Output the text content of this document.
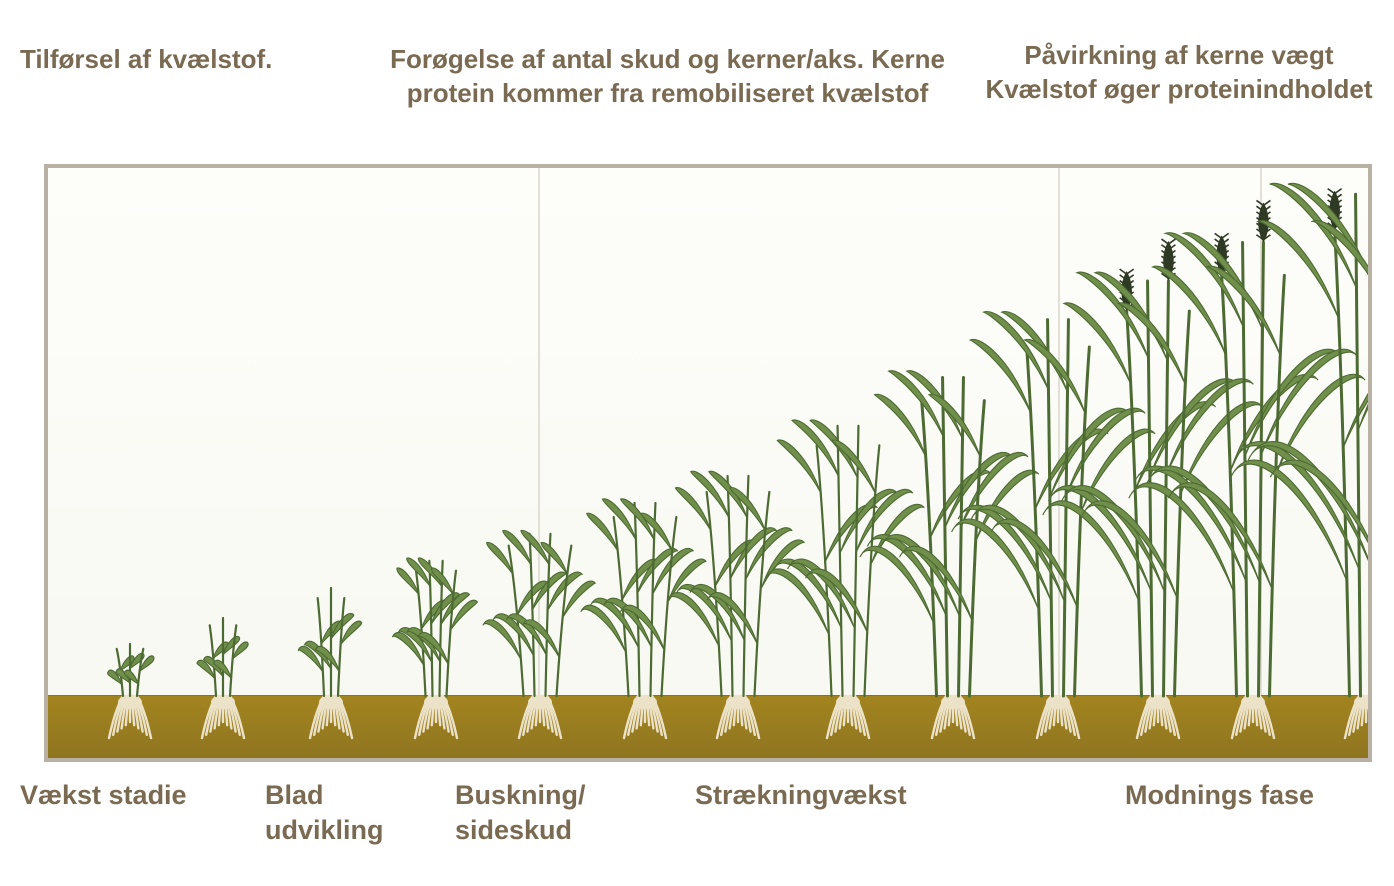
Tilførsel af kvælstof.	Forøgelse af antal skud og kerner/aks. Kerne protein kommer fra remobiliseret kvælstof
Påvirkning af kerne vægt Kvælstof øger proteinindholdet
Vækst stadie	Blad udvikling
Buskning/ sideskud
Strækningvækst	Modnings fase
